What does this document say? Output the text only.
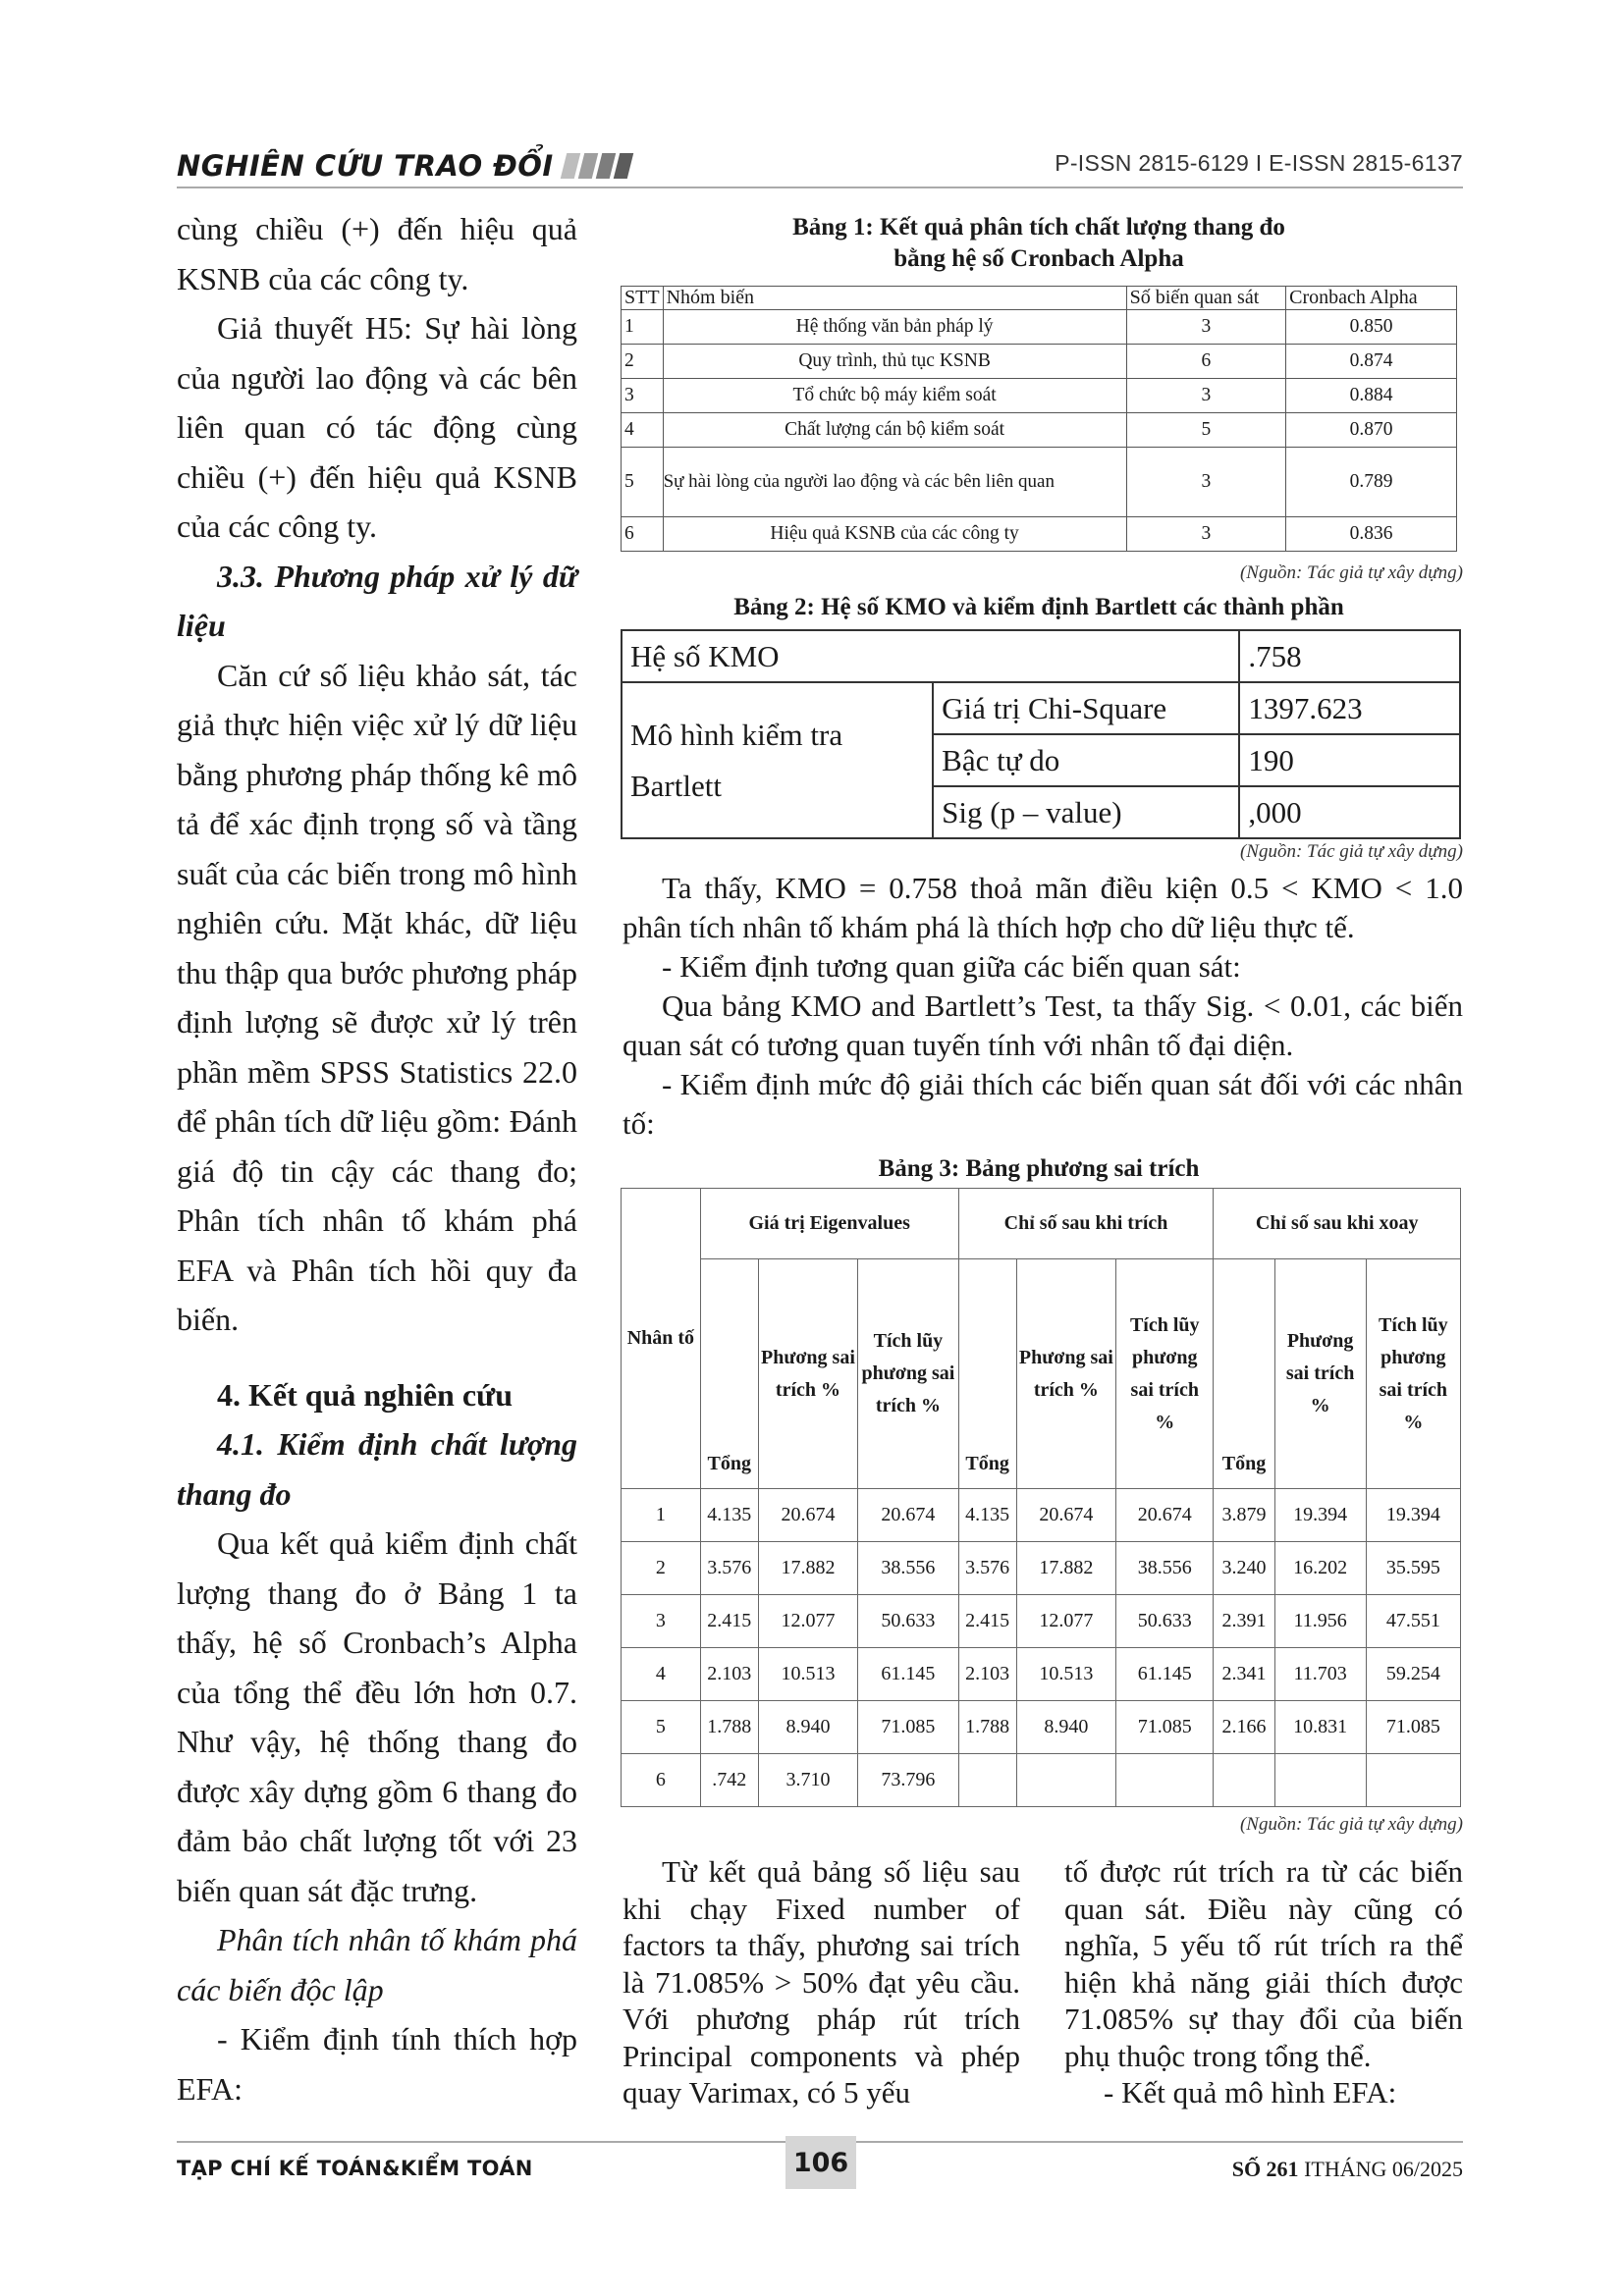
NGHIÊN CỨU TRAO ĐỔI	P-ISSN 2815-6129 I E-ISSN 2815-6137

cùng chiều (+) đến hiệu quả KSNB của các công ty.

Giả thuyết H5: Sự hài lòng của người lao động và các bên liên quan có tác động cùng chiều (+) đến hiệu quả KSNB của các công ty.

3.3. Phương pháp xử lý dữ liệu

Căn cứ số liệu khảo sát, tác giả thực hiện việc xử lý dữ liệu bằng phương pháp thống kê mô tả để xác định trọng số và tầng suất của các biến trong mô hình nghiên cứu. Mặt khác, dữ liệu thu thập qua bước phương pháp định lượng sẽ được xử lý trên phần mềm SPSS Statistics 22.0 để phân tích dữ liệu gồm: Đánh giá độ tin cậy các thang đo; Phân tích nhân tố khám phá EFA và Phân tích hồi quy đa biến.

4. Kết quả nghiên cứu

4.1. Kiểm định chất lượng thang đo

Qua kết quả kiểm định chất lượng thang đo ở Bảng 1 ta thấy, hệ số Cronbach’s Alpha của tổng thể đều lớn hơn 0.7. Như vậy, hệ thống thang đo được xây dựng gồm 6 thang đo đảm bảo chất lượng tốt với 23 biến quan sát đặc trưng.

Phân tích nhân tố khám phá các biến độc lập

- Kiểm định tính thích hợp EFA:

Bảng 1: Kết quả phân tích chất lượng thang đo
bằng hệ số Cronbach Alpha
STT	Nhóm biến	Số biến quan sát	Cronbach Alpha
1	Hệ thống văn bản pháp lý	3	0.850
2	Quy trình, thủ tục KSNB	6	0.874
3	Tổ chức bộ máy kiểm soát	3	0.884
4	Chất lượng cán bộ kiểm soát	5	0.870
5	Sự hài lòng của người lao động và các bên liên quan	3	0.789
6	Hiệu quả KSNB của các công ty	3	0.836
(Nguồn: Tác giả tự xây dựng)
Bảng 2: Hệ số KMO và kiểm định Bartlett các thành phần
Hệ số KMO		.758

Mô hình kiểm tra
Bartlett	Giá trị Chi-Square	1397.623
	Bậc tự do	190
	Sig (p – value)	,000
(Nguồn: Tác giả tự xây dựng)

Ta thấy, KMO = 0.758 thoả mãn điều kiện 0.5 < KMO < 1.0 phân tích nhân tố khám phá là thích hợp cho dữ liệu thực tế.

- Kiểm định tương quan giữa các biến quan sát:

Qua bảng KMO and Bartlett’s Test, ta thấy Sig. < 0.01, các biến quan sát có tương quan tuyến tính với nhân tố đại diện.

- Kiểm định mức độ giải thích các biến quan sát đối với các nhân tố:

Bảng 3: Bảng phương sai trích
Nhân tố	Giá trị Eigenvalues			Chỉ số sau khi trích			Chỉ số sau khi xoay		
	Tổng	Phương sai trích %	Tích lũy phương sai trích %	Tổng	Phương sai trích %	Tích lũy phương sai trích %	Tổng	Phương sai trích %	Tích lũy phương sai trích %
1	4.135	20.674	20.674	4.135	20.674	20.674	3.879	19.394	19.394
2	3.576	17.882	38.556	3.576	17.882	38.556	3.240	16.202	35.595
3	2.415	12.077	50.633	2.415	12.077	50.633	2.391	11.956	47.551
4	2.103	10.513	61.145	2.103	10.513	61.145	2.341	11.703	59.254
5	1.788	8.940	71.085	1.788	8.940	71.085	2.166	10.831	71.085
6	.742	3.710	73.796						
(Nguồn: Tác giả tự xây dựng)

Từ kết quả bảng số liệu sau khi chạy Fixed number of factors ta thấy, phương sai trích là 71.085% > 50% đạt yêu cầu. Với phương pháp rút trích Principal components và phép quay Varimax, có 5 yếu

tố được rút trích ra từ các biến quan sát. Điều này cũng có nghĩa, 5 yếu tố rút trích ra thể hiện khả năng giải thích được 71.085% sự thay đổi của biến phụ thuộc trong tổng thể.

- Kết quả mô hình EFA:

TẠP CHÍ KẾ TOÁN&KIỂM TOÁN	106	SỐ 261 ITHÁNG 06/2025
